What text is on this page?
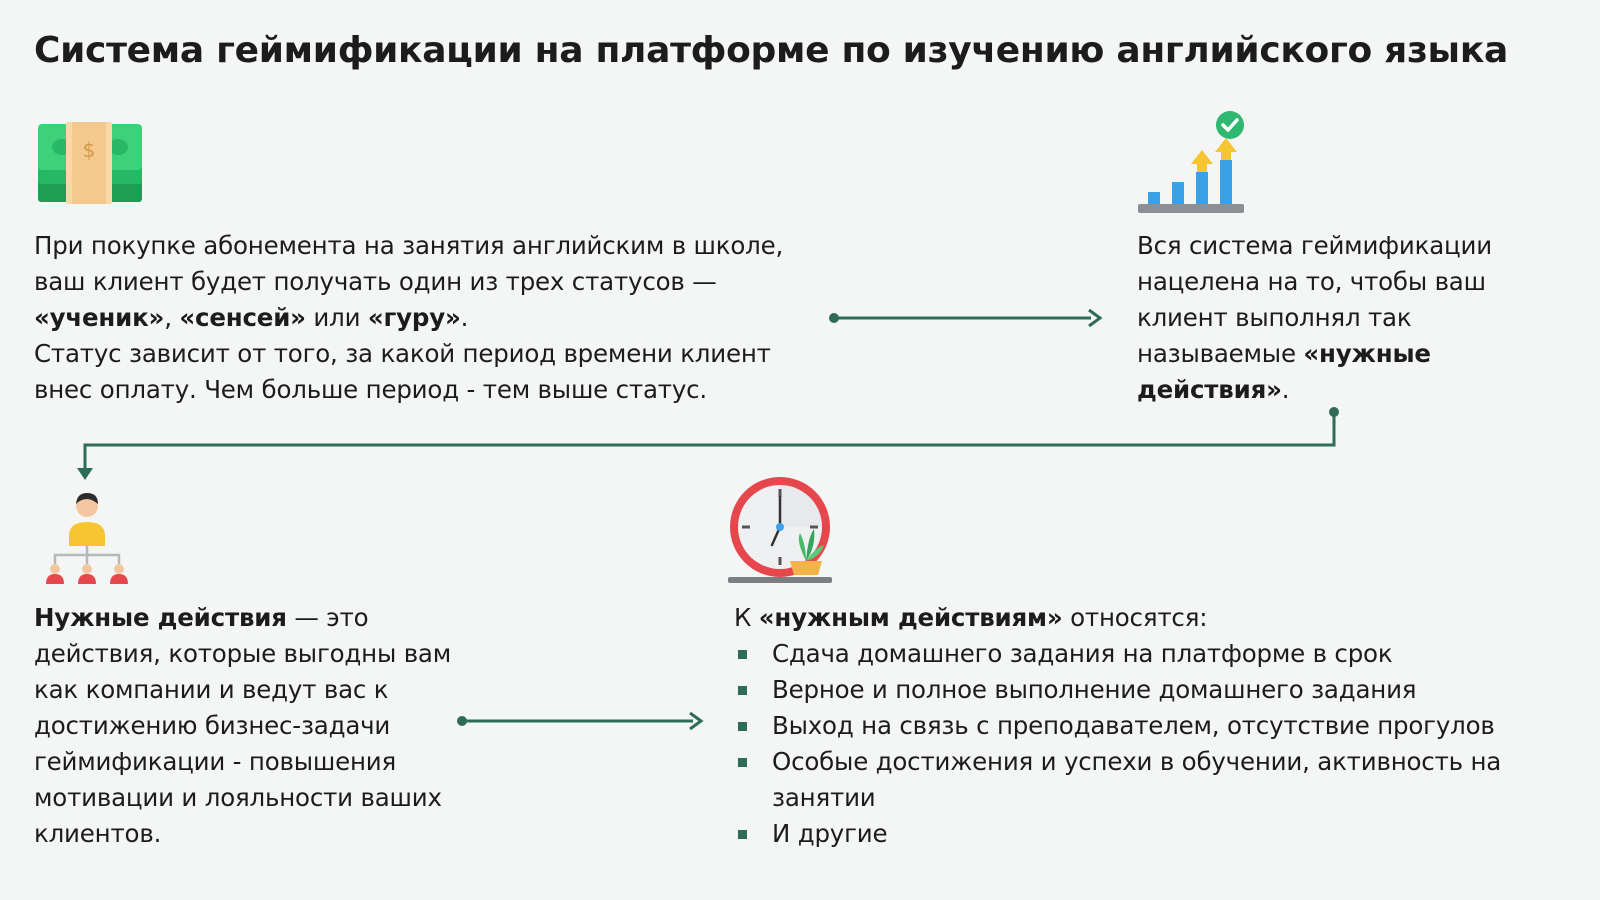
Система геймификации на платформе по изучению английского языка
$
При покупке абонемента на занятия английским в школе,
ваш клиент будет получать один из трех статусов —
«ученик», «сенсей» или «гуру».
Статус зависит от того, за какой период времени клиент внес оплату. Чем больше период - тем выше статус.
Вся система геймификации нацелена на то, чтобы ваш клиент выполнял так называемые «нужные действия».
Нужные действия — это действия, которые выгодны вам как компании и ведут вас к достижению бизнес-задачи геймификации - повышения мотивации и лояльности ваших клиентов.
К «нужным действиям» относятся:
Сдача домашнего задания на платформе в срок
Верное и полное выполнение домашнего задания
Выход на связь с преподавателем, отсутствие прогулов
Особые достижения и успехи в обучении, активность на занятии
И другие
